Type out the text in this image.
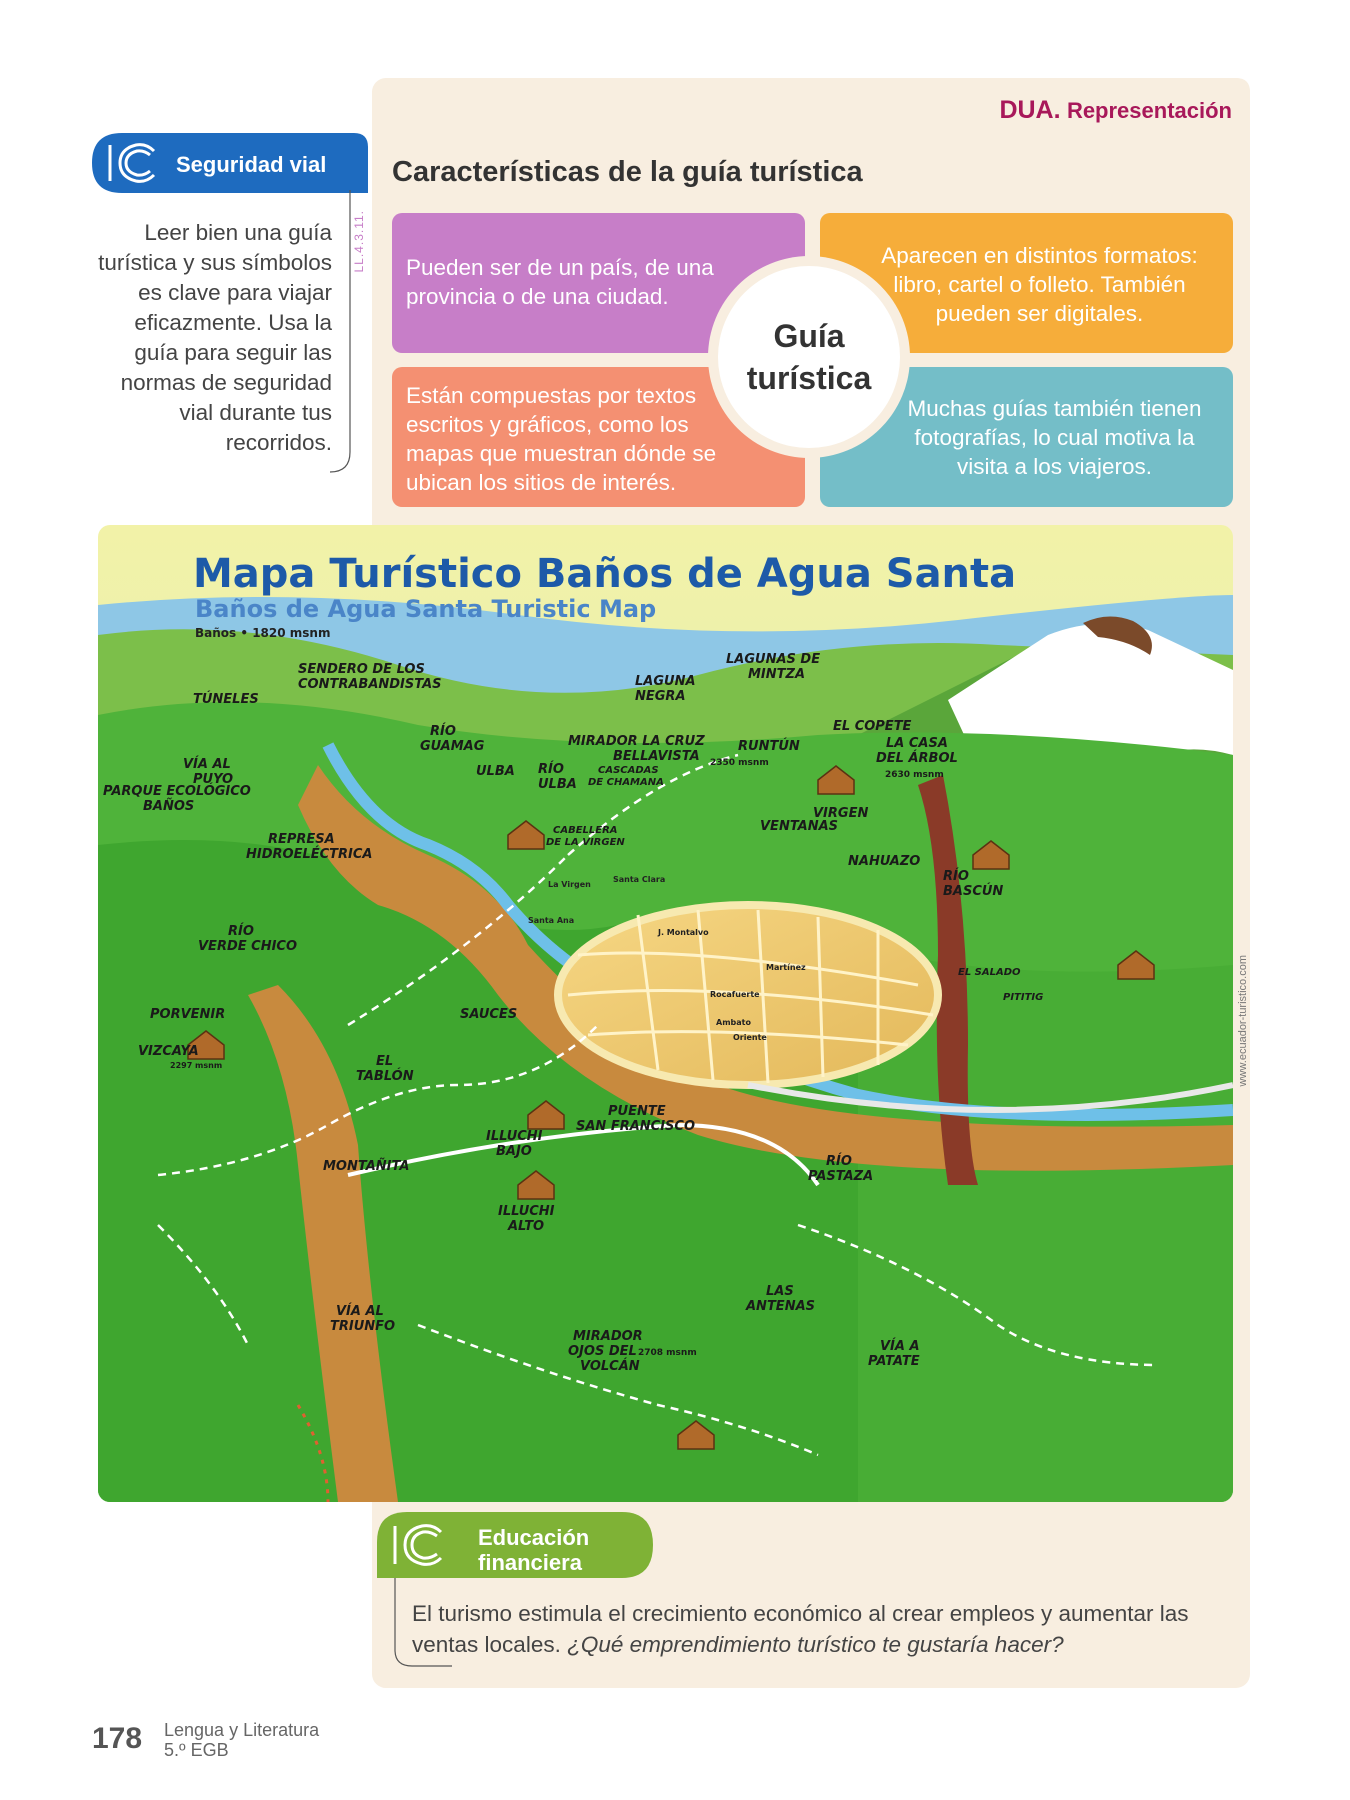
DUA. Representación
Seguridad vial
Leer bien una guía turística y sus símbolos es clave para viajar eficazmente. Usa la guía para seguir las normas de seguridad vial durante tus recorridos.
LL.4.3.11.
Características de la guía turística
Pueden ser de un país, de una provincia o de una ciudad.
Aparecen en distintos formatos: libro, cartel o folleto. También pueden ser digitales.
Están compuestas por textos escritos y gráficos, como los mapas que muestran dónde se ubican los sitios de interés.
Muchas guías también tienen fotografías, lo cual motiva la visita a los viajeros.
Guía
turística
Mapa Turístico Baños de Agua Santa
Baños de Agua Santa Turistic Map
Baños • 1820 msnm
TÚNELES
SENDERO DE LOS
CONTRABANDISTAS	LAGUNA
NEGRA
LAGUNAS DE
MINTZA
VÍA AL
PUYO
PARQUE ECOLÓGICO
BAÑOS
RÍO
GUAMAG	MIRADOR LA CRUZ
BELLAVISTA
RUNTÚN
2350 msnm
EL COPETE
LA CASA
DEL ÁRBOL
2630 msnm
ULBA RÍO
ULBA
CASCADAS
DE CHAMANA
REPRESA
HIDROELÉCTRICA
CABELLERA
DE LA VIRGEN
VIRGEN
VENTANAS
NAHUAZO
RÍO
BASCÚN
RÍO
VERDE CHICO
EL SALADO
PITITIG
PORVENIR
VIZCAYA
2297 msnm
SAUCES
EL
TABLÓN
PUENTE
SAN FRANCISCO
ILLUCHI
BAJO
MONTAÑITA	RÍO
PASTAZA
ILLUCHI
ALTO
VÍA AL
TRIUNFO
LAS
ANTENAS
MIRADOR
OJOS DEL
VOLCÁN
2708 msnm	VÍA A
PATATE
Santa Ana
La Virgen
Santa Clara
J. Montalvo
Rocafuerte
Ambato
Oriente
Martínez	www.ecuador-turistico.com
Educación
financiera
El turismo estimula el crecimiento económico al crear empleos y aumentar las ventas locales. ¿Qué emprendimiento turístico te gustaría hacer?
178 Lengua y Literatura
5.º EGB
